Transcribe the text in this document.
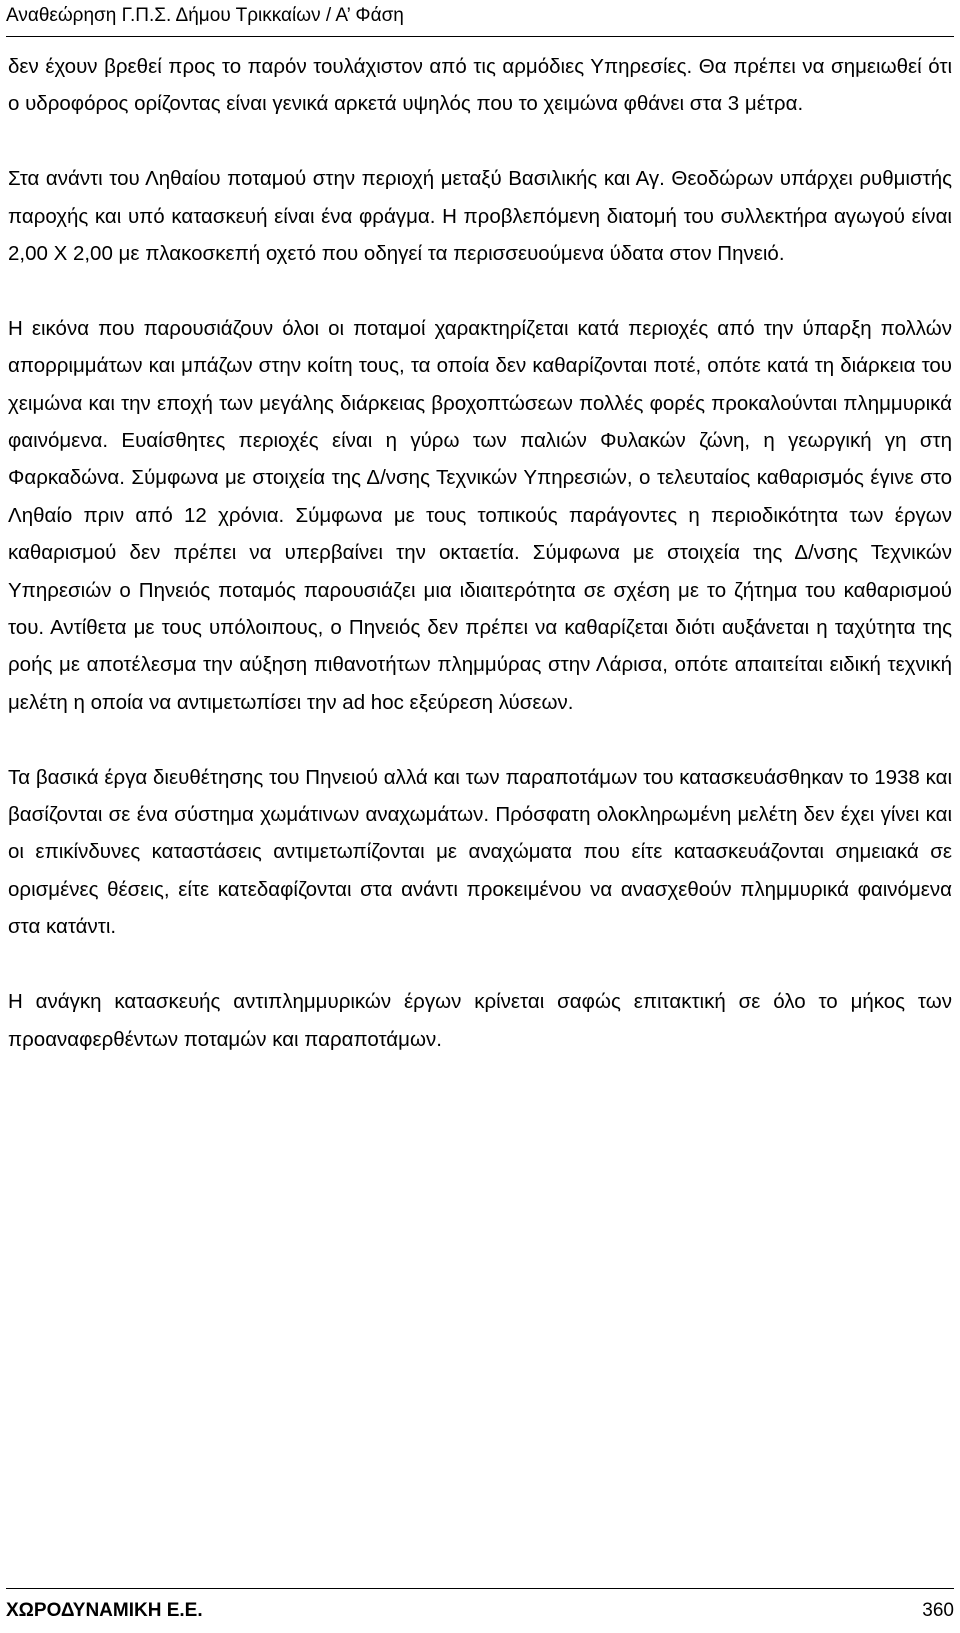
Αναθεώρηση Γ.Π.Σ. Δήμου Τρικκαίων / Α’ Φάση

δεν έχουν βρεθεί προς το παρόν τουλάχιστον από τις αρμόδιες Υπηρεσίες. Θα πρέπει να σημειωθεί ότι ο υδροφόρος ορίζοντας είναι γενικά αρκετά υψηλός που το χειμώνα φθάνει στα 3 μέτρα.

Στα ανάντι του Ληθαίου ποταμού στην περιοχή μεταξύ Βασιλικής και Αγ. Θεοδώρων υπάρχει ρυθμιστής παροχής και υπό κατασκευή είναι ένα φράγμα. Η προβλεπόμενη διατομή του συλλεκτήρα αγωγού είναι 2,00 Χ 2,00 με πλακοσκεπή οχετό που οδηγεί τα περισσευούμενα ύδατα στον Πηνειό.

Η εικόνα που παρουσιάζουν όλοι οι ποταμοί χαρακτηρίζεται κατά περιοχές από την ύπαρξη πολλών απορριμμάτων και μπάζων στην κοίτη τους, τα οποία δεν καθαρίζονται ποτέ, οπότε κατά τη διάρκεια του χειμώνα και την εποχή των μεγάλης διάρκειας βροχοπτώσεων πολλές φορές προκαλούνται πλημμυρικά φαινόμενα. Ευαίσθητες περιοχές είναι η γύρω των παλιών Φυλακών ζώνη, η γεωργική γη στη Φαρκαδώνα. Σύμφωνα με στοιχεία της Δ/νσης Τεχνικών Υπηρεσιών, ο τελευταίος καθαρισμός έγινε στο Ληθαίο πριν από 12 χρόνια. Σύμφωνα με τους τοπικούς παράγοντες η περιοδικότητα των έργων καθαρισμού δεν πρέπει να υπερβαίνει την οκταετία. Σύμφωνα με στοιχεία της Δ/νσης Τεχνικών Υπηρεσιών ο Πηνειός ποταμός παρουσιάζει μια ιδιαιτερότητα σε σχέση με το ζήτημα του καθαρισμού του. Αντίθετα με τους υπόλοιπους, ο Πηνειός δεν πρέπει να καθαρίζεται διότι αυξάνεται η ταχύτητα της ροής με αποτέλεσμα την αύξηση πιθανοτήτων πλημμύρας στην Λάρισα, οπότε απαιτείται ειδική τεχνική μελέτη η οποία να αντιμετωπίσει την ad hoc εξεύρεση λύσεων.

Τα βασικά έργα διευθέτησης του Πηνειού αλλά και των παραποτάμων του κατασκευάσθηκαν το 1938 και βασίζονται σε ένα σύστημα χωμάτινων αναχωμάτων. Πρόσφατη ολοκληρωμένη μελέτη δεν έχει γίνει και οι επικίνδυνες καταστάσεις αντιμετωπίζονται με αναχώματα που είτε κατασκευάζονται σημειακά σε ορισμένες θέσεις, είτε κατεδαφίζονται στα ανάντι προκειμένου να ανασχεθούν πλημμυρικά φαινόμενα στα κατάντι.

Η ανάγκη κατασκευής αντιπλημμυρικών έργων κρίνεται σαφώς επιτακτική σε όλο το μήκος των προαναφερθέντων ποταμών και παραποτάμων.

ΧΩΡΟΔΥΝΑΜΙΚΗ Ε.Ε.	360
